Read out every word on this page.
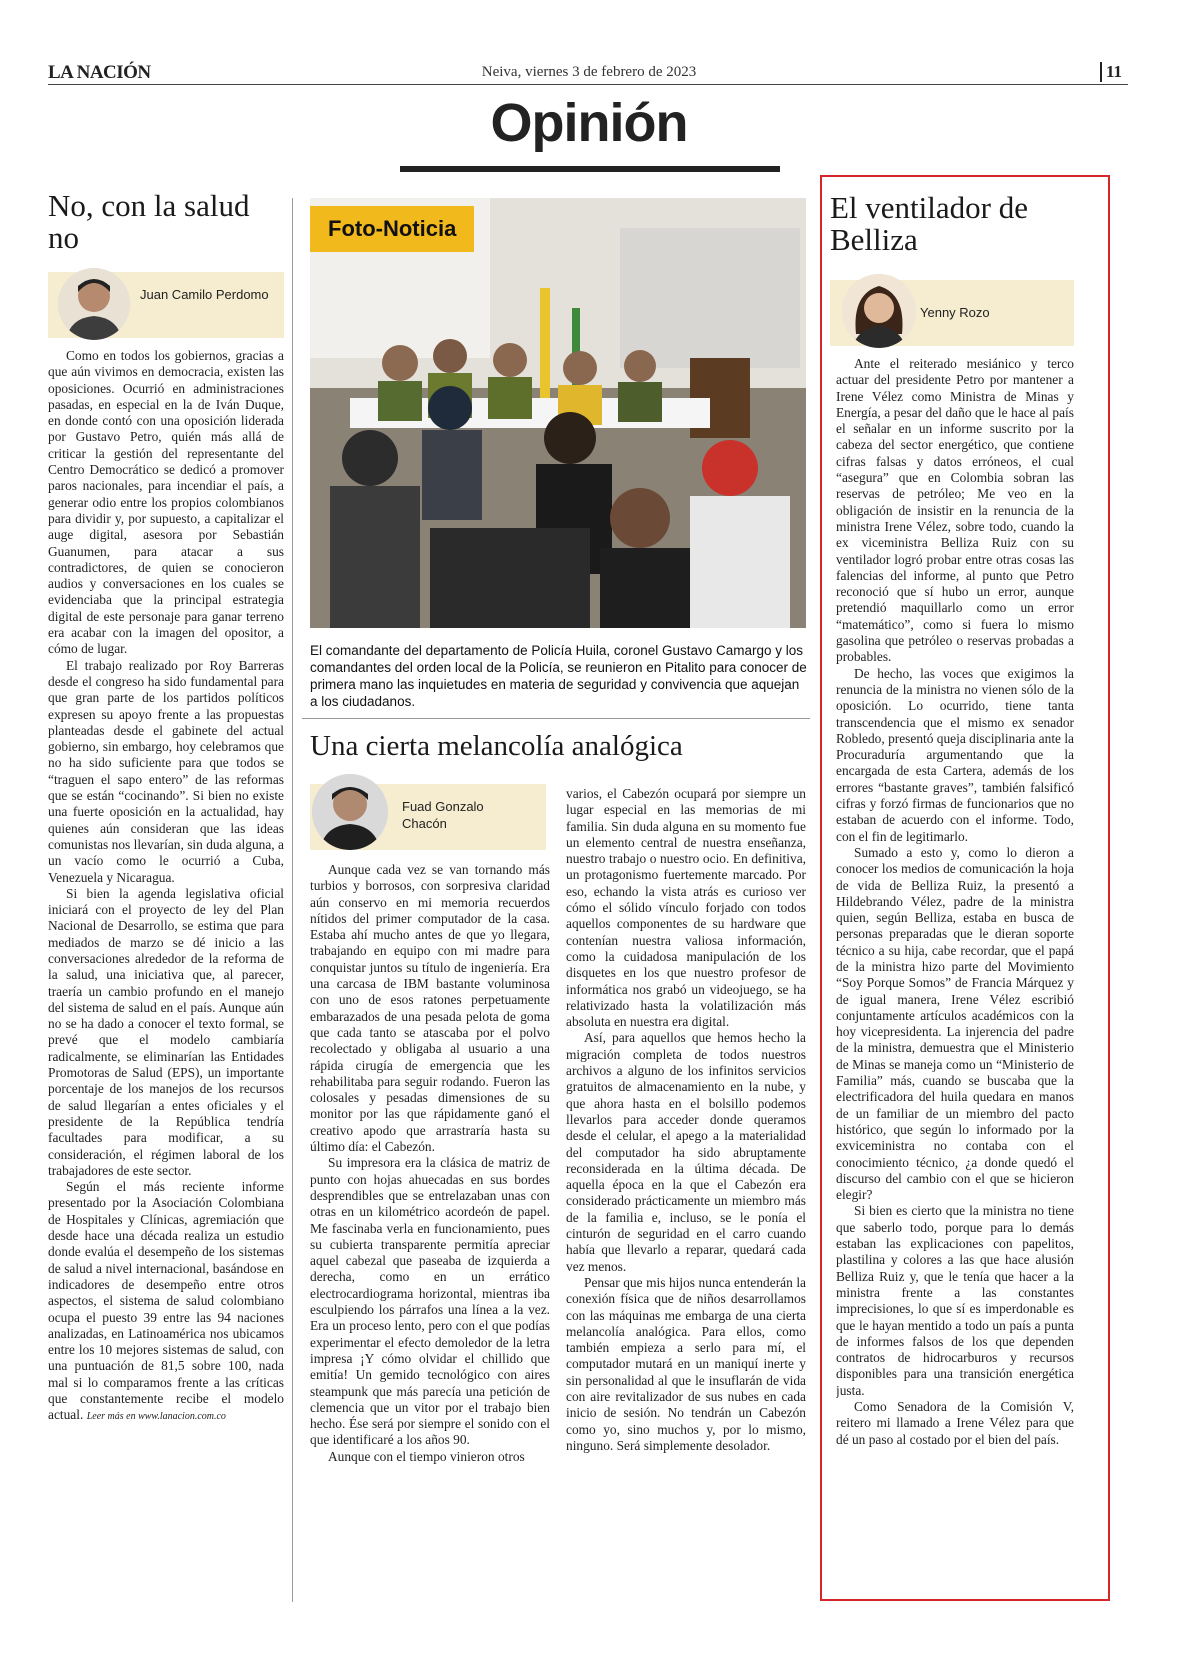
LA NACIÓN	Neiva, viernes 3 de febrero de 2023	11
Opinión
No, con la salud no
Juan Camilo Perdomo

Como en todos los gobiernos, gracias a que aún vivimos en democracia, existen las oposiciones. Ocurrió en administraciones pasadas, en especial en la de Iván Duque, en donde contó con una oposición liderada por Gustavo Petro, quién más allá de criticar la gestión del representante del Centro Democrático se dedicó a promover paros nacionales, para incendiar el país, a generar odio entre los propios colombianos para dividir y, por supuesto, a capitalizar el auge digital, asesora por Sebastián Guanumen, para atacar a sus contradictores, de quien se conocieron audios y conversaciones en los cuales se evidenciaba que la principal estrategia digital de este personaje para ganar terreno era acabar con la imagen del opositor, a cómo de lugar.

El trabajo realizado por Roy Barreras desde el congreso ha sido fundamental para que gran parte de los partidos políticos expresen su apoyo frente a las propuestas planteadas desde el gabinete del actual gobierno, sin embargo, hoy celebramos que no ha sido suficiente para que todos se “traguen el sapo entero” de las reformas que se están “cocinando”. Si bien no existe una fuerte oposición en la actualidad, hay quienes aún consideran que las ideas comunistas nos llevarían, sin duda alguna, a un vacío como le ocurrió a Cuba, Venezuela y Nicaragua.

Si bien la agenda legislativa oficial iniciará con el proyecto de ley del Plan Nacional de Desarrollo, se estima que para mediados de marzo se dé inicio a las conversaciones alrededor de la reforma de la salud, una iniciativa que, al parecer, traería un cambio profundo en el manejo del sistema de salud en el país. Aunque aún no se ha dado a conocer el texto formal, se prevé que el modelo cambiaría radicalmente, se eliminarían las Entidades Promotoras de Salud (EPS), un importante porcentaje de los manejos de los recursos de salud llegarían a entes oficiales y el presidente de la República tendría facultades para modificar, a su consideración, el régimen laboral de los trabajadores de este sector.

Según el más reciente informe presentado por la Asociación Colombiana de Hospitales y Clínicas, agremiación que desde hace una década realiza un estudio donde evalúa el desempeño de los sistemas de salud a nivel internacional, basándose en indicadores de desempeño entre otros aspectos, el sistema de salud colombiano ocupa el puesto 39 entre las 94 naciones analizadas, en Latinoamérica nos ubicamos entre los 10 mejores sistemas de salud, con una puntuación de 81,5 sobre 100, nada mal si lo comparamos frente a las críticas que constantemente recibe el modelo actual. Leer más en www.lanacion.com.co

Foto-Noticia
El comandante del departamento de Policía Huila, coronel Gustavo Camargo y los comandantes del orden local de la Policía, se reunieron en Pitalito para conocer de primera mano las inquietudes en materia de seguridad y convivencia que aquejan a los ciudadanos.
Una cierta melancolía analógica
Fuad Gonzalo Chacón

Aunque cada vez se van tornando más turbios y borrosos, con sorpresiva claridad aún conservo en mi memoria recuerdos nítidos del primer computador de la casa. Estaba ahí mucho antes de que yo llegara, trabajando en equipo con mi madre para conquistar juntos su título de ingeniería. Era una carcasa de IBM bastante voluminosa con uno de esos ratones perpetuamente embarazados de una pesada pelota de goma que cada tanto se atascaba por el polvo recolectado y obligaba al usuario a una rápida cirugía de emergencia que les rehabilitaba para seguir rodando. Fueron las colosales y pesadas dimensiones de su monitor por las que rápidamente ganó el creativo apodo que arrastraría hasta su último día: el Cabezón.

Su impresora era la clásica de matriz de punto con hojas ahuecadas en sus bordes desprendibles que se entrelazaban unas con otras en un kilométrico acordeón de papel. Me fascinaba verla en funcionamiento, pues su cubierta transparente permitía apreciar aquel cabezal que paseaba de izquierda a derecha, como en un errático electrocardiograma horizontal, mientras iba esculpiendo los párrafos una línea a la vez. Era un proceso lento, pero con el que podías experimentar el efecto demoledor de la letra impresa ¡Y cómo olvidar el chillido que emitía! Un gemido tecnológico con aires steampunk que más parecía una petición de clemencia que un vitor por el trabajo bien hecho. Ése será por siempre el sonido con el que identificaré a los años 90.

Aunque con el tiempo vinieron otros

varios, el Cabezón ocupará por siempre un lugar especial en las memorias de mi familia. Sin duda alguna en su momento fue un elemento central de nuestra enseñanza, nuestro trabajo o nuestro ocio. En definitiva, un protagonismo fuertemente marcado. Por eso, echando la vista atrás es curioso ver cómo el sólido vínculo forjado con todos aquellos componentes de su hardware que contenían nuestra valiosa información, como la cuidadosa manipulación de los disquetes en los que nuestro profesor de informática nos grabó un videojuego, se ha relativizado hasta la volatilización más absoluta en nuestra era digital.

Así, para aquellos que hemos hecho la migración completa de todos nuestros archivos a alguno de los infinitos servicios gratuitos de almacenamiento en la nube, y que ahora hasta en el bolsillo podemos llevarlos para acceder donde queramos desde el celular, el apego a la materialidad del computador ha sido abruptamente reconsiderada en la última década. De aquella época en la que el Cabezón era considerado prácticamente un miembro más de la familia e, incluso, se le ponía el cinturón de seguridad en el carro cuando había que llevarlo a reparar, quedará cada vez menos.

Pensar que mis hijos nunca entenderán la conexión física que de niños desarrollamos con las máquinas me embarga de una cierta melancolía analógica. Para ellos, como también empieza a serlo para mí, el computador mutará en un maniquí inerte y sin personalidad al que le insuflarán de vida con aire revitalizador de sus nubes en cada inicio de sesión. No tendrán un Cabezón como yo, sino muchos y, por lo mismo, ninguno. Será simplemente desolador.

El ventilador de Belliza
Yenny Rozo

Ante el reiterado mesiánico y terco actuar del presidente Petro por mantener a Irene Vélez como Ministra de Minas y Energía, a pesar del daño que le hace al país el señalar en un informe suscrito por la cabeza del sector energético, que contiene cifras falsas y datos erróneos, el cual “asegura” que en Colombia sobran las reservas de petróleo; Me veo en la obligación de insistir en la renuncia de la ministra Irene Vélez, sobre todo, cuando la ex viceministra Belliza Ruiz con su ventilador logró probar entre otras cosas las falencias del informe, al punto que Petro reconoció que sí hubo un error, aunque pretendió maquillarlo como un error “matemático”, como si fuera lo mismo gasolina que petróleo o reservas probadas a probables.

De hecho, las voces que exigimos la renuncia de la ministra no vienen sólo de la oposición. Lo ocurrido, tiene tanta transcendencia que el mismo ex senador Robledo, presentó queja disciplinaria ante la Procuraduría argumentando que la encargada de esta Cartera, además de los errores “bastante graves”, también falsificó cifras y forzó firmas de funcionarios que no estaban de acuerdo con el informe. Todo, con el fin de legitimarlo.

Sumado a esto y, como lo dieron a conocer los medios de comunicación la hoja de vida de Belliza Ruiz, la presentó a Hildebrando Vélez, padre de la ministra quien, según Belliza, estaba en busca de personas preparadas que le dieran soporte técnico a su hija, cabe recordar, que el papá de la ministra hizo parte del Movimiento “Soy Porque Somos” de Francia Márquez y de igual manera, Irene Vélez escribió conjuntamente artículos académicos con la hoy vicepresidenta. La injerencia del padre de la ministra, demuestra que el Ministerio de Minas se maneja como un “Ministerio de Familia” más, cuando se buscaba que la electrificadora del huila quedara en manos de un familiar de un miembro del pacto histórico, que según lo informado por la exviceministra no contaba con el conocimiento técnico, ¿a donde quedó el discurso del cambio con el que se hicieron elegir?

Si bien es cierto que la ministra no tiene que saberlo todo, porque para lo demás estaban las explicaciones con papelitos, plastilina y colores a las que hace alusión Belliza Ruiz y, que le tenía que hacer a la ministra frente a las constantes imprecisiones, lo que sí es imperdonable es que le hayan mentido a todo un país a punta de informes falsos de los que dependen contratos de hidrocarburos y recursos disponibles para una transición energética justa.

Como Senadora de la Comisión V, reitero mi llamado a Irene Vélez para que dé un paso al costado por el bien del país.
